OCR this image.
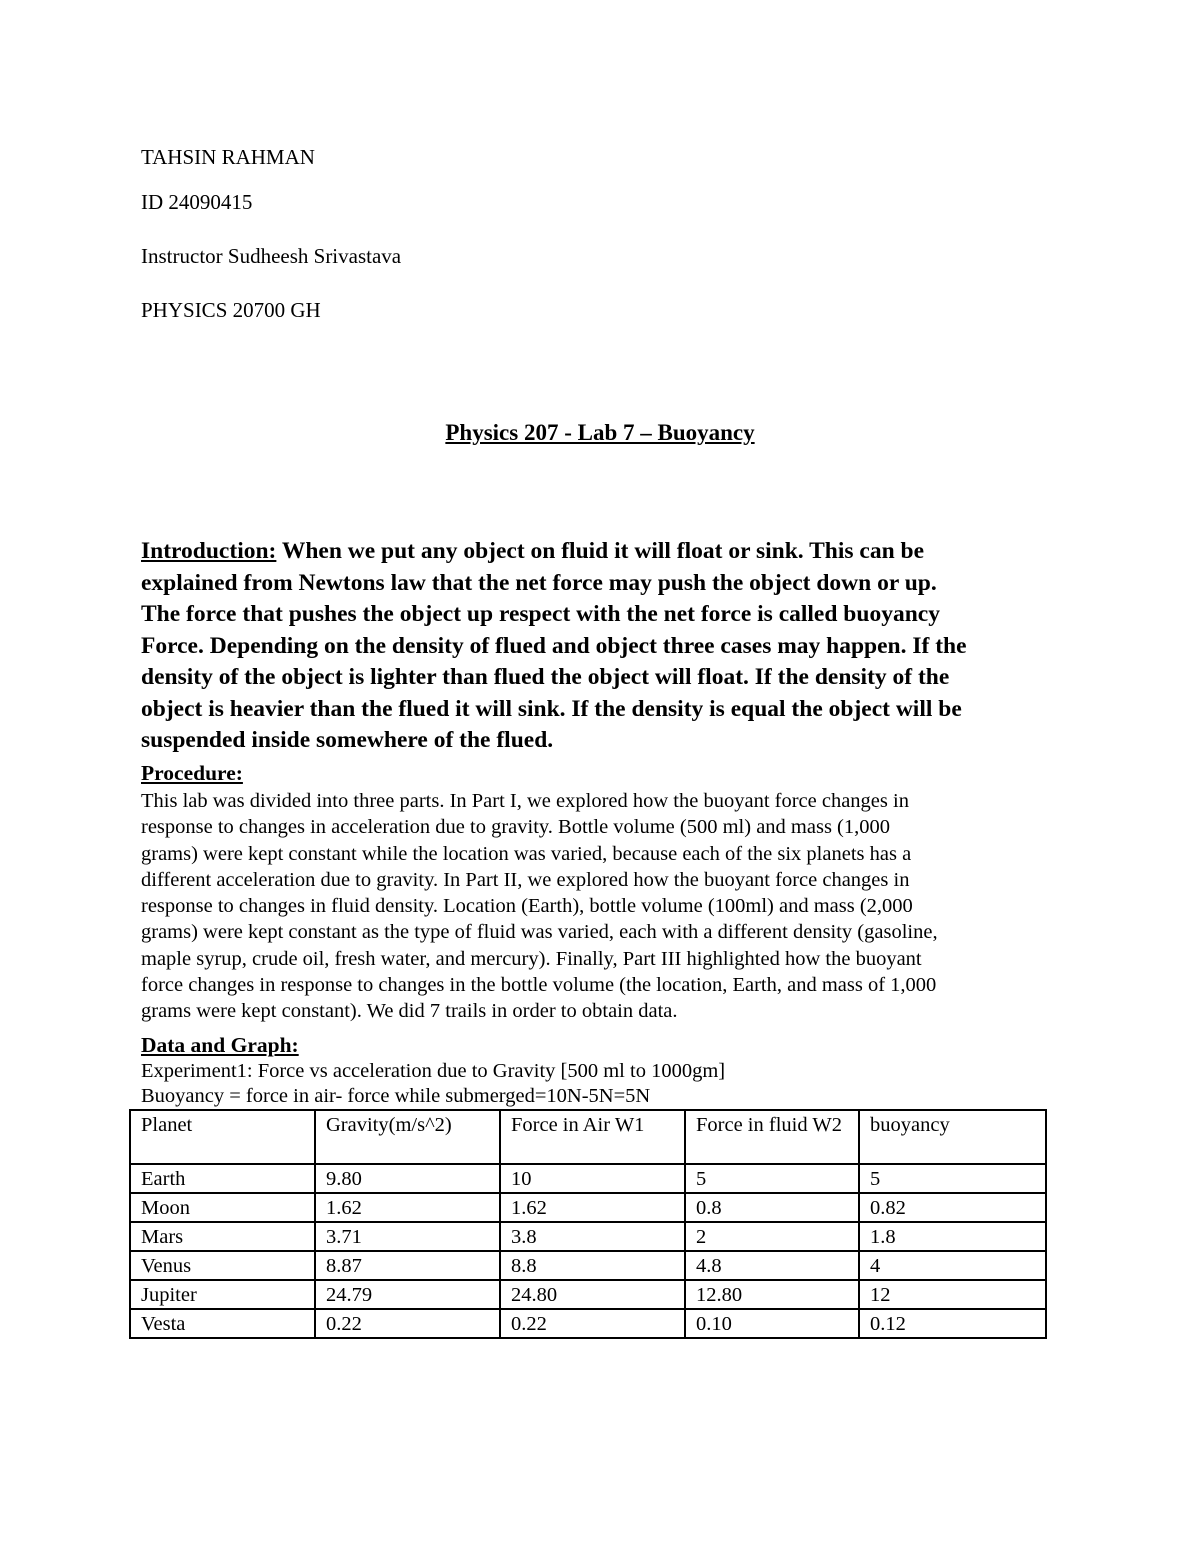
TAHSIN RAHMAN
ID 24090415
Instructor Sudheesh Srivastava
PHYSICS 20700 GH
Physics 207 - Lab 7 – Buoyancy
Introduction: When we put any object on fluid it will float or sink. This can be
explained from Newtons law that the net force may push the object down or up.
The force that pushes the object up respect with the net force is called buoyancy
Force. Depending on the density of flued and object three cases may happen. If the
density of the object is lighter than flued the object will float. If the density of the
object is heavier than the flued it will sink. If the density is equal the object will be
suspended inside somewhere of the flued.
Procedure:
This lab was divided into three parts. In Part I, we explored how the buoyant force changes in
response to changes in acceleration due to gravity. Bottle volume (500 ml) and mass (1,000
grams) were kept constant while the location was varied, because each of the six planets has a
different acceleration due to gravity. In Part II, we explored how the buoyant force changes in
response to changes in fluid density. Location (Earth), bottle volume (100ml) and mass (2,000
grams) were kept constant as the type of fluid was varied, each with a different density (gasoline,
maple syrup, crude oil, fresh water, and mercury). Finally, Part III highlighted how the buoyant
force changes in response to changes in the bottle volume (the location, Earth, and mass of 1,000
grams were kept constant). We did 7 trails in order to obtain data.
Data and Graph:
Experiment1: Force vs acceleration due to Gravity [500 ml to 1000gm]
Buoyancy = force in air- force while submerged=10N-5N=5N
Planet	Gravity(m/s^2)	Force in Air W1	Force in fluid W2	buoyancy
Earth	9.80	10	5	5
Moon	1.62	1.62	0.8	0.82
Mars	3.71	3.8	2	1.8
Venus	8.87	8.8	4.8	4
Jupiter	24.79	24.80	12.80	12
Vesta	0.22	0.22	0.10	0.12
